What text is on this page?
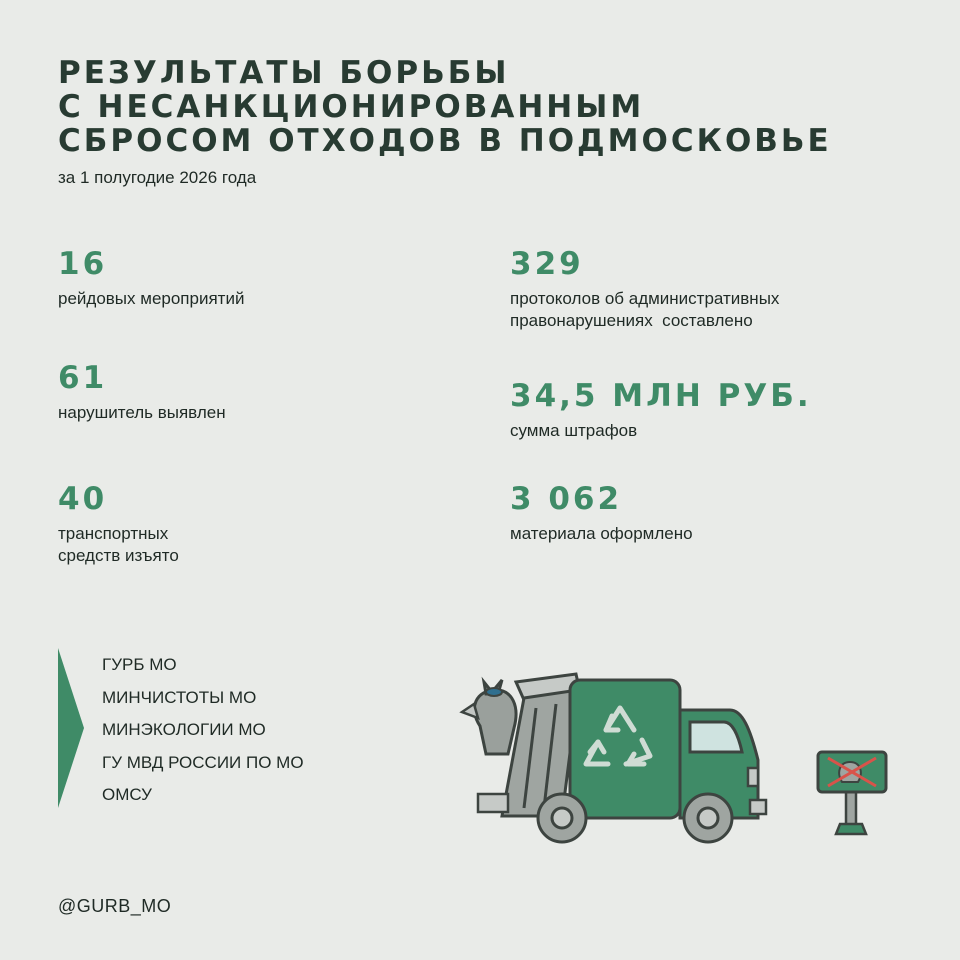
РЕЗУЛЬТАТЫ БОРЬБЫ
С НЕСАНКЦИОНИРОВАННЫМ
СБРОСОМ ОТХОДОВ В ПОДМОСКОВЬЕ
за 1 полугодие 2026 года
16
рейдовых мероприятий
61
нарушитель выявлен
40
транспортных
средств изъято
329
протоколов об административных
правонарушениях  составлено
34,5 МЛН РУБ.
сумма штрафов
3 062
материала оформлено
ГУРБ МО
МИНЧИСТОТЫ МО
МИНЭКОЛОГИИ МО
ГУ МВД РОССИИ ПО МО
ОМСУ
@GURB_MO
